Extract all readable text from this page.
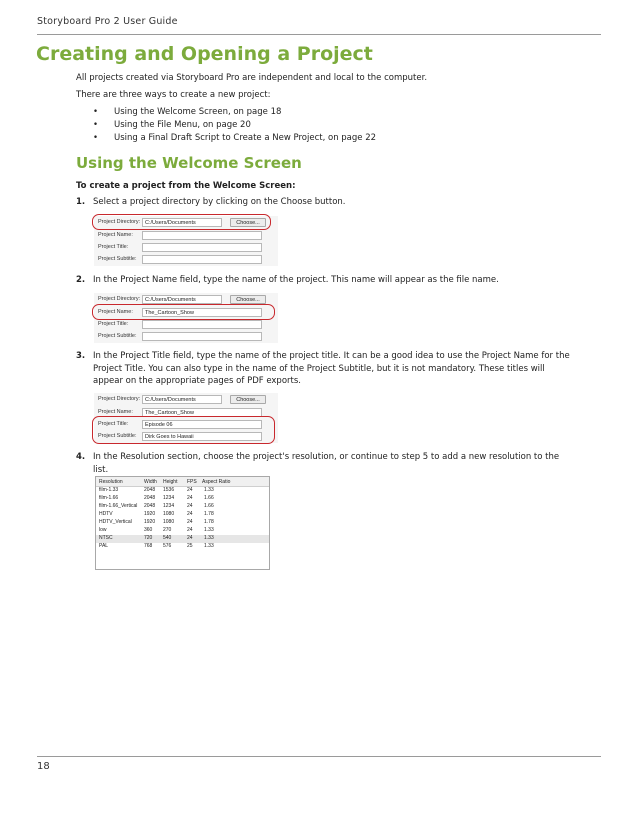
Storyboard Pro 2 User Guide
Creating and Opening a Project
All projects created via Storyboard Pro are independent and local to the computer.
There are three ways to create a new project:
• Using the Welcome Screen, on page 18
• Using the File Menu, on page 20
• Using a Final Draft Script to Create a New Project, on page 22
Using the Welcome Screen
To create a project from the Welcome Screen:
1. Select a project directory by clicking on the Choose button.
Project Directory: C:/Users/Documents	Choose...
Project Name:
Project Title:
Project Subtitle:
2. In the Project Name field, type the name of the project. This name will appear as the file name.
Project Directory: C:/Users/Documents	Choose...
Project Name:	The_Cartoon_Show
Project Title:
Project Subtitle:
3. In the Project Title field, type the name of the project title. It can be a good idea to use the Project Name for the Project Title. You can also type in the name of the Project Subtitle, but it is not mandatory. These titles will appear on the appropriate pages of PDF exports.
Project Directory: C:/Users/Documents	Choose...
Project Name:	The_Cartoon_Show
Project Title:	Episode 06
Project Subtitle:	Dirk Goes to Hawaii
4. In the Resolution section, choose the project's resolution, or continue to step 5 to add a new resolution to the list.
Resolution	Width Height FPS Aspect Ratio
film-1.33	2048 1536	24 1.33
film-1.66	2048 1234	24 1.66
film-1.66_Vertical 2048 1234	24 1.66
HDTV	1920 1080	24 1.78
HDTV_Vertical 1920 1080	24 1.78
low	360 270	24 1.33
NTSC	720 540	24 1.33
PAL	768 576	25 1.33
18
